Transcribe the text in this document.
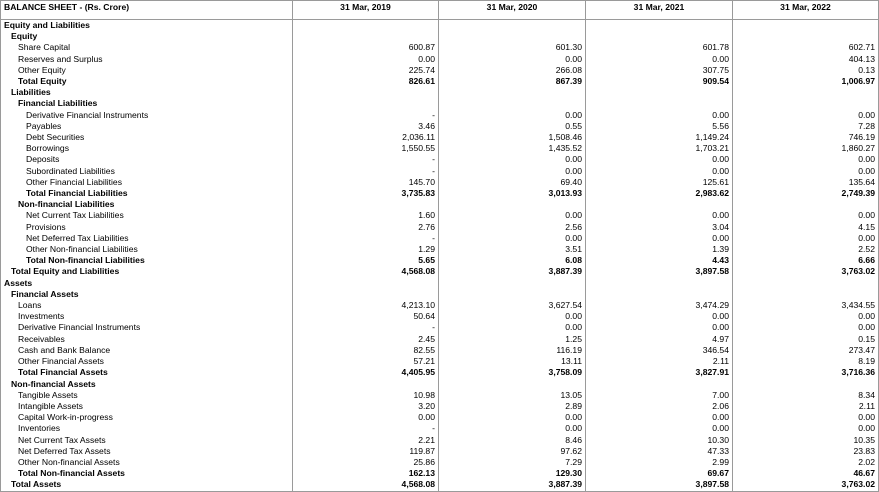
BALANCE SHEET - (Rs. Crore)	31 Mar, 2019	31 Mar, 2020	31 Mar, 2021	31 Mar, 2022
Equity and Liabilities				
Equity				
Share Capital	600.87	601.30	601.78	602.71
Reserves and Surplus	0.00	0.00	0.00	404.13
Other Equity	225.74	266.08	307.75	0.13
Total Equity	826.61	867.39	909.54	1,006.97
Liabilities				
Financial Liabilities				
Derivative Financial Instruments	-	0.00	0.00	0.00
Payables	3.46	0.55	5.56	7.28
Debt Securities	2,036.11	1,508.46	1,149.24	746.19
Borrowings	1,550.55	1,435.52	1,703.21	1,860.27
Deposits	-	0.00	0.00	0.00
Subordinated Liabilities	-	0.00	0.00	0.00
Other Financial Liabilities	145.70	69.40	125.61	135.64
Total Financial Liabilities	3,735.83	3,013.93	2,983.62	2,749.39
Non-financial Liabilities				
Net Current Tax Liabilities	1.60	0.00	0.00	0.00
Provisions	2.76	2.56	3.04	4.15
Net Deferred Tax Liabilities	-	0.00	0.00	0.00
Other Non-financial Liabilities	1.29	3.51	1.39	2.52
Total Non-financial Liabilities	5.65	6.08	4.43	6.66
Total Equity and Liabilities	4,568.08	3,887.39	3,897.58	3,763.02
Assets				
Financial Assets				
Loans	4,213.10	3,627.54	3,474.29	3,434.55
Investments	50.64	0.00	0.00	0.00
Derivative Financial Instruments	-	0.00	0.00	0.00
Receivables	2.45	1.25	4.97	0.15
Cash and Bank Balance	82.55	116.19	346.54	273.47
Other Financial Assets	57.21	13.11	2.11	8.19
Total Financial Assets	4,405.95	3,758.09	3,827.91	3,716.36
Non-financial Assets				
Tangible Assets	10.98	13.05	7.00	8.34
Intangible Assets	3.20	2.89	2.06	2.11
Capital Work-in-progress	0.00	0.00	0.00	0.00
Inventories	-	0.00	0.00	0.00
Net Current Tax Assets	2.21	8.46	10.30	10.35
Net Deferred Tax Assets	119.87	97.62	47.33	23.83
Other Non-financial Assets	25.86	7.29	2.99	2.02
Total Non-financial Assets	162.13	129.30	69.67	46.67
Total Assets	4,568.08	3,887.39	3,897.58	3,763.02
